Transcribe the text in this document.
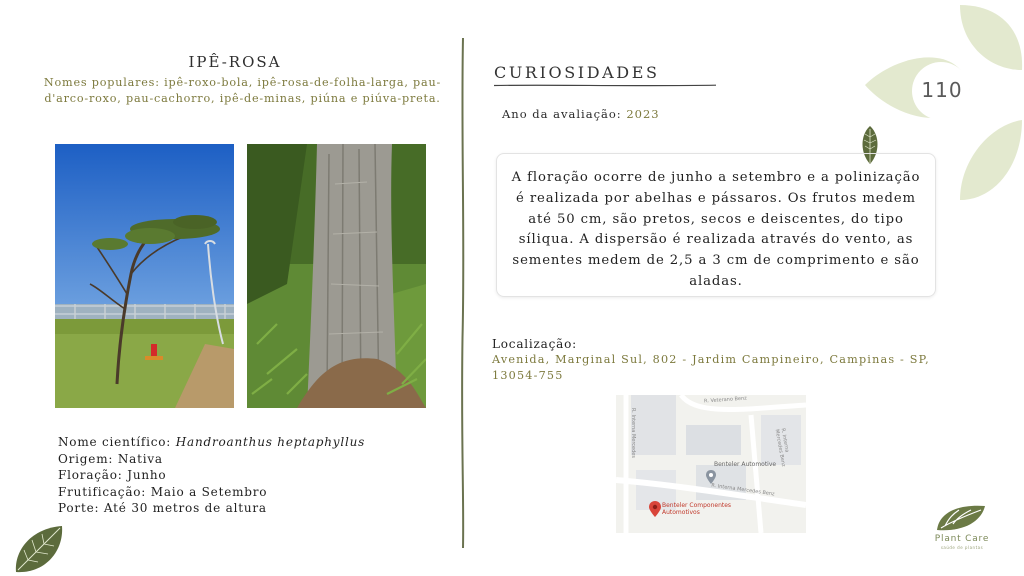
110
IPÊ-ROSA
Nomes populares: ipê-roxo-bola, ipê-rosa-de-folha-larga, pau-d'arco-roxo, pau-cachorro, ipê-de-minas, piúna e piúva-preta.
Nome científico: Handroanthus heptaphyllus
Origem: Nativa
Floração: Junho
Frutificação: Maio a Setembro
Porte: Até 30 metros de altura
CURIOSIDADES
Ano da avaliação: 2023
A floração ocorre de junho a setembro e a polinização é realizada por abelhas e pássaros. Os frutos medem até 50 cm, são pretos, secos e deiscentes, do tipo síliqua. A dispersão é realizada através do vento, as sementes medem de 2,5 a 3 cm de comprimento e são aladas.
Localização:
Avenida, Marginal Sul, 802 - Jardim Campineiro, Campinas - SP, 13054-755
R. Veterano Benz
R. Interna Mercedes	R. Interna Mercedes Benz
R. Interna Mercedes Benz
Benteler Automotive
Benteler Componentes
Automotivos
Plant Care
saúde de plantas
